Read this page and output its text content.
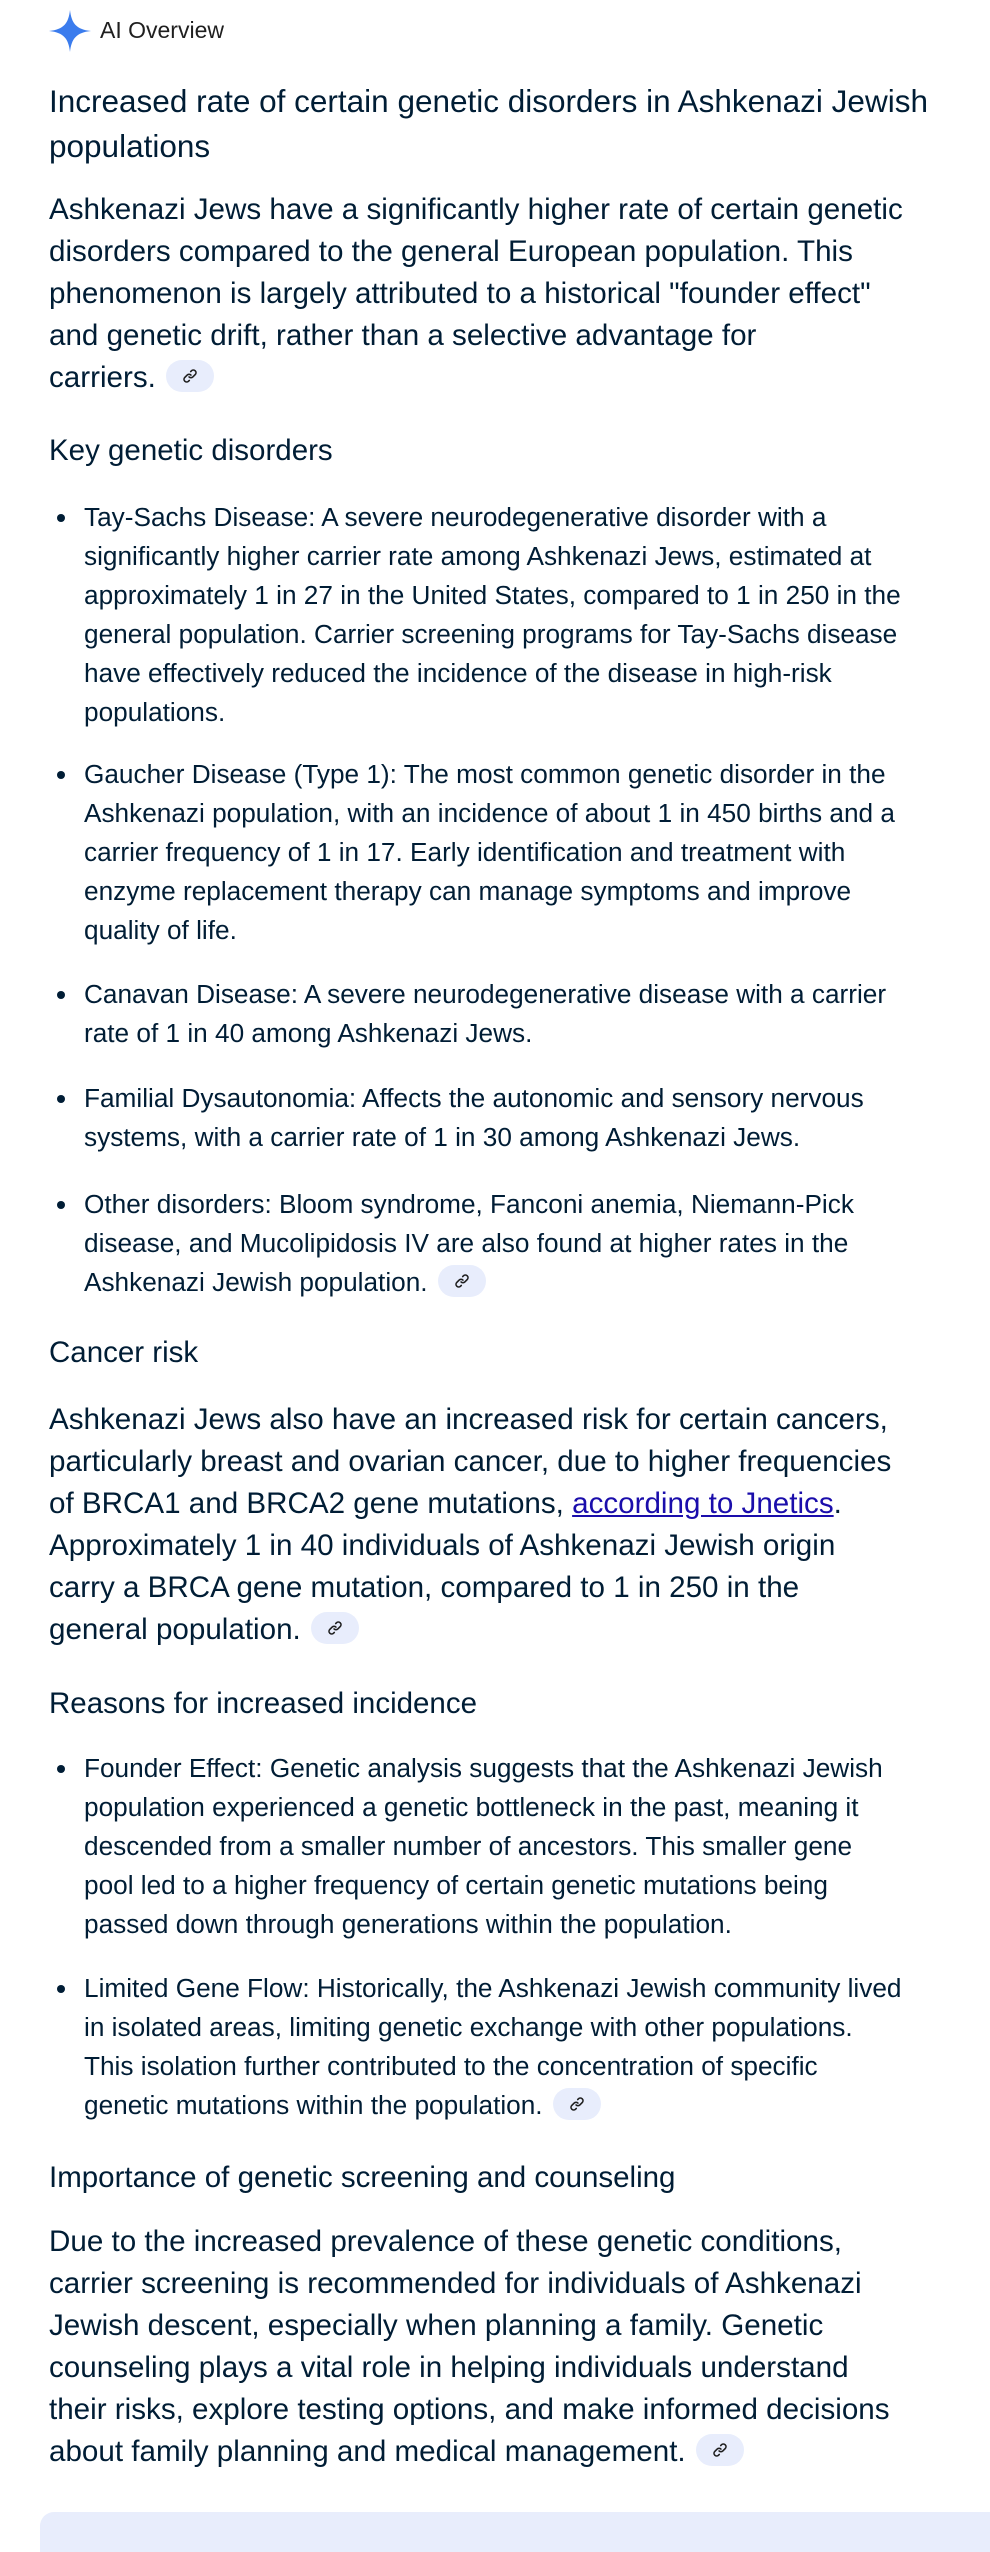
AI Overview
Increased rate of certain genetic disorders in Ashkenazi Jewish
populations
Ashkenazi Jews have a significantly higher rate of certain genetic
disorders compared to the general European population. This
phenomenon is largely attributed to a historical "founder effect"
and genetic drift, rather than a selective advantage for
carriers.
Key genetic disorders
Tay-Sachs Disease: A severe neurodegenerative disorder with a
significantly higher carrier rate among Ashkenazi Jews, estimated at
approximately 1 in 27 in the United States, compared to 1 in 250 in the
general population. Carrier screening programs for Tay-Sachs disease
have effectively reduced the incidence of the disease in high-risk
populations.
Gaucher Disease (Type 1): The most common genetic disorder in the
Ashkenazi population, with an incidence of about 1 in 450 births and a
carrier frequency of 1 in 17. Early identification and treatment with
enzyme replacement therapy can manage symptoms and improve
quality of life.
Canavan Disease: A severe neurodegenerative disease with a carrier
rate of 1 in 40 among Ashkenazi Jews.
Familial Dysautonomia: Affects the autonomic and sensory nervous
systems, with a carrier rate of 1 in 30 among Ashkenazi Jews.
Other disorders: Bloom syndrome, Fanconi anemia, Niemann-Pick
disease, and Mucolipidosis IV are also found at higher rates in the
Ashkenazi Jewish population.
Cancer risk
Ashkenazi Jews also have an increased risk for certain cancers,
particularly breast and ovarian cancer, due to higher frequencies
of BRCA1 and BRCA2 gene mutations, according to Jnetics.
Approximately 1 in 40 individuals of Ashkenazi Jewish origin
carry a BRCA gene mutation, compared to 1 in 250 in the
general population.
Reasons for increased incidence
Founder Effect: Genetic analysis suggests that the Ashkenazi Jewish
population experienced a genetic bottleneck in the past, meaning it
descended from a smaller number of ancestors. This smaller gene
pool led to a higher frequency of certain genetic mutations being
passed down through generations within the population.
Limited Gene Flow: Historically, the Ashkenazi Jewish community lived
in isolated areas, limiting genetic exchange with other populations.
This isolation further contributed to the concentration of specific
genetic mutations within the population.
Importance of genetic screening and counseling
Due to the increased prevalence of these genetic conditions,
carrier screening is recommended for individuals of Ashkenazi
Jewish descent, especially when planning a family. Genetic
counseling plays a vital role in helping individuals understand
their risks, explore testing options, and make informed decisions
about family planning and medical management.
